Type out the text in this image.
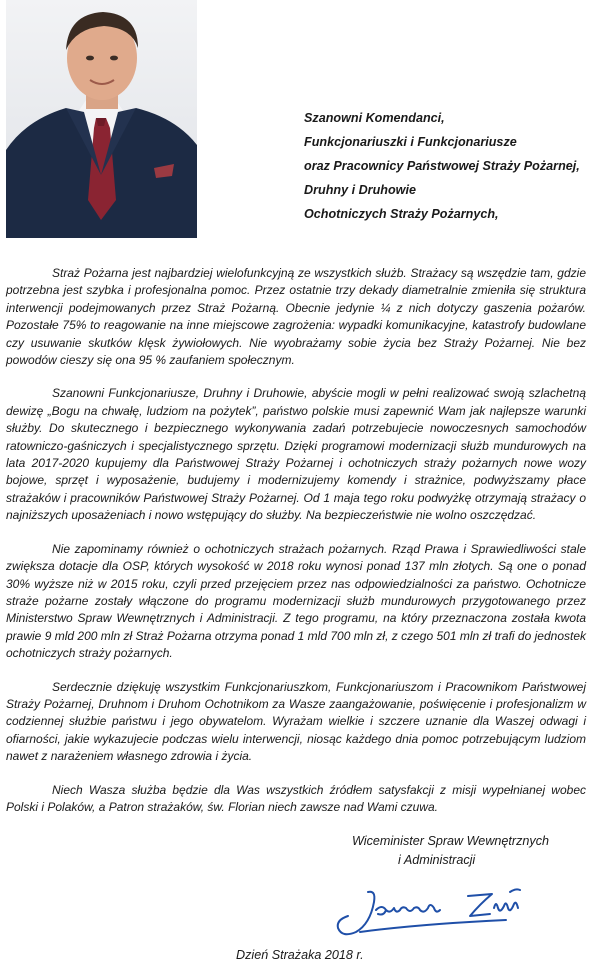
Szanowni Komendanci,
Funkcjonariuszki i Funkcjonariusze
oraz Pracownicy Państwowej Straży Pożarnej,
Druhny i Druhowie
Ochotniczych Straży Pożarnych,

Straż Pożarna jest najbardziej wielofunkcyjną ze wszystkich służb. Strażacy są wszędzie tam, gdzie potrzebna jest szybka i profesjonalna pomoc. Przez ostatnie trzy dekady diametralnie zmieniła się struktura interwencji podejmowanych przez Straż Pożarną. Obecnie jedynie ¼ z nich dotyczy gaszenia pożarów. Pozostałe 75% to reagowanie na inne miejscowe zagrożenia: wypadki komunikacyjne, katastrofy budowlane czy usuwanie skutków klęsk żywiołowych. Nie wyobrażamy sobie życia bez Straży Pożarnej. Nie bez powodów cieszy się ona 95 % zaufaniem społecznym.

Szanowni Funkcjonariusze, Druhny i Druhowie, abyście mogli w pełni realizować swoją szlachetną dewizę „Bogu na chwałę, ludziom na pożytek”, państwo polskie musi zapewnić Wam jak najlepsze warunki służby. Do skutecznego i bezpiecznego wykonywania zadań potrzebujecie nowoczesnych samochodów ratowniczo-gaśniczych i specjalistycznego sprzętu. Dzięki programowi modernizacji służb mundurowych na lata 2017-2020 kupujemy dla Państwowej Straży Pożarnej i ochotniczych straży pożarnych nowe wozy bojowe, sprzęt i wyposażenie, budujemy i modernizujemy komendy i strażnice, podwyższamy płace strażaków i pracowników Państwowej Straży Pożarnej. Od 1 maja tego roku podwyżkę otrzymają strażacy o najniższych uposażeniach i nowo wstępujący do służby. Na bezpieczeństwie nie wolno oszczędzać.

Nie zapominamy również o ochotniczych strażach pożarnych. Rząd Prawa i Sprawiedliwości stale zwiększa dotacje dla OSP, których wysokość w 2018 roku wynosi ponad 137 mln złotych. Są one o ponad 30% wyższe niż w 2015 roku, czyli przed przejęciem przez nas odpowiedzialności za państwo. Ochotnicze straże pożarne zostały włączone do programu modernizacji służb mundurowych przygotowanego przez Ministerstwo Spraw Wewnętrznych i Administracji. Z tego programu, na który przeznaczona została kwota prawie 9 mld 200 mln zł Straż Pożarna otrzyma ponad 1 mld 700 mln zł, z czego 501 mln zł trafi do jednostek ochotniczych straży pożarnych.

Serdecznie dziękuję wszystkim Funkcjonariuszkom, Funkcjonariuszom i Pracownikom Państwowej Straży Pożarnej, Druhnom i Druhom Ochotnikom za Wasze zaangażowanie, poświęcenie i profesjonalizm w codziennej służbie państwu i jego obywatelom. Wyrażam wielkie i szczere uznanie dla Waszej odwagi i ofiarności, jakie wykazujecie podczas wielu interwencji, niosąc każdego dnia pomoc potrzebującym ludziom nawet z narażeniem własnego zdrowia i życia.

Niech Wasza służba będzie dla Was wszystkich źródłem satysfakcji z misji wypełnianej wobec Polski i Polaków, a Patron strażaków, św. Florian niech zawsze nad Wami czuwa.

Wiceminister Spraw Wewnętrznych
i Administracji
Dzień Strażaka 2018 r.
